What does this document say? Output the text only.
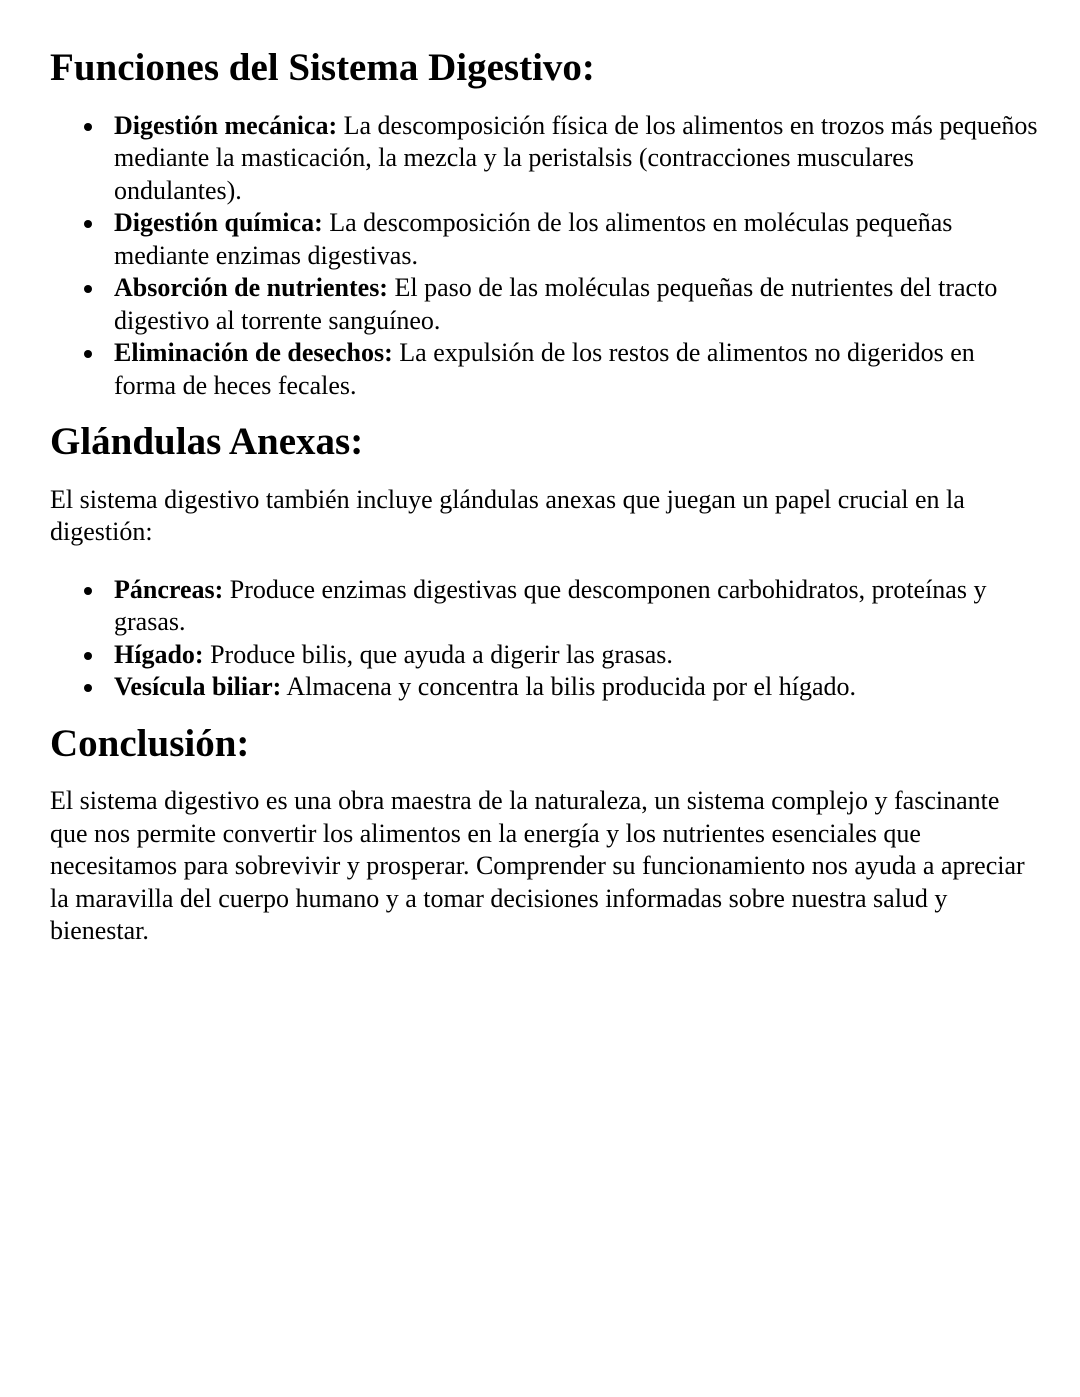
Funciones del Sistema Digestivo:
Digestión mecánica: La descomposición física de los alimentos en trozos más pequeños mediante la masticación, la mezcla y la peristalsis (contracciones musculares ondulantes).
Digestión química: La descomposición de los alimentos en moléculas pequeñas mediante enzimas digestivas.
Absorción de nutrientes: El paso de las moléculas pequeñas de nutrientes del tracto digestivo al torrente sanguíneo.
Eliminación de desechos: La expulsión de los restos de alimentos no digeridos en forma de heces fecales.
Glándulas Anexas:

El sistema digestivo también incluye glándulas anexas que juegan un papel crucial en la digestión:

Páncreas: Produce enzimas digestivas que descomponen carbohidratos, proteínas y grasas.
Hígado: Produce bilis, que ayuda a digerir las grasas.
Vesícula biliar: Almacena y concentra la bilis producida por el hígado.
Conclusión:

El sistema digestivo es una obra maestra de la naturaleza, un sistema complejo y fascinante que nos permite convertir los alimentos en la energía y los nutrientes esenciales que necesitamos para sobrevivir y prosperar. Comprender su funcionamiento nos ayuda a apreciar la maravilla del cuerpo humano y a tomar decisiones informadas sobre nuestra salud y bienestar.
